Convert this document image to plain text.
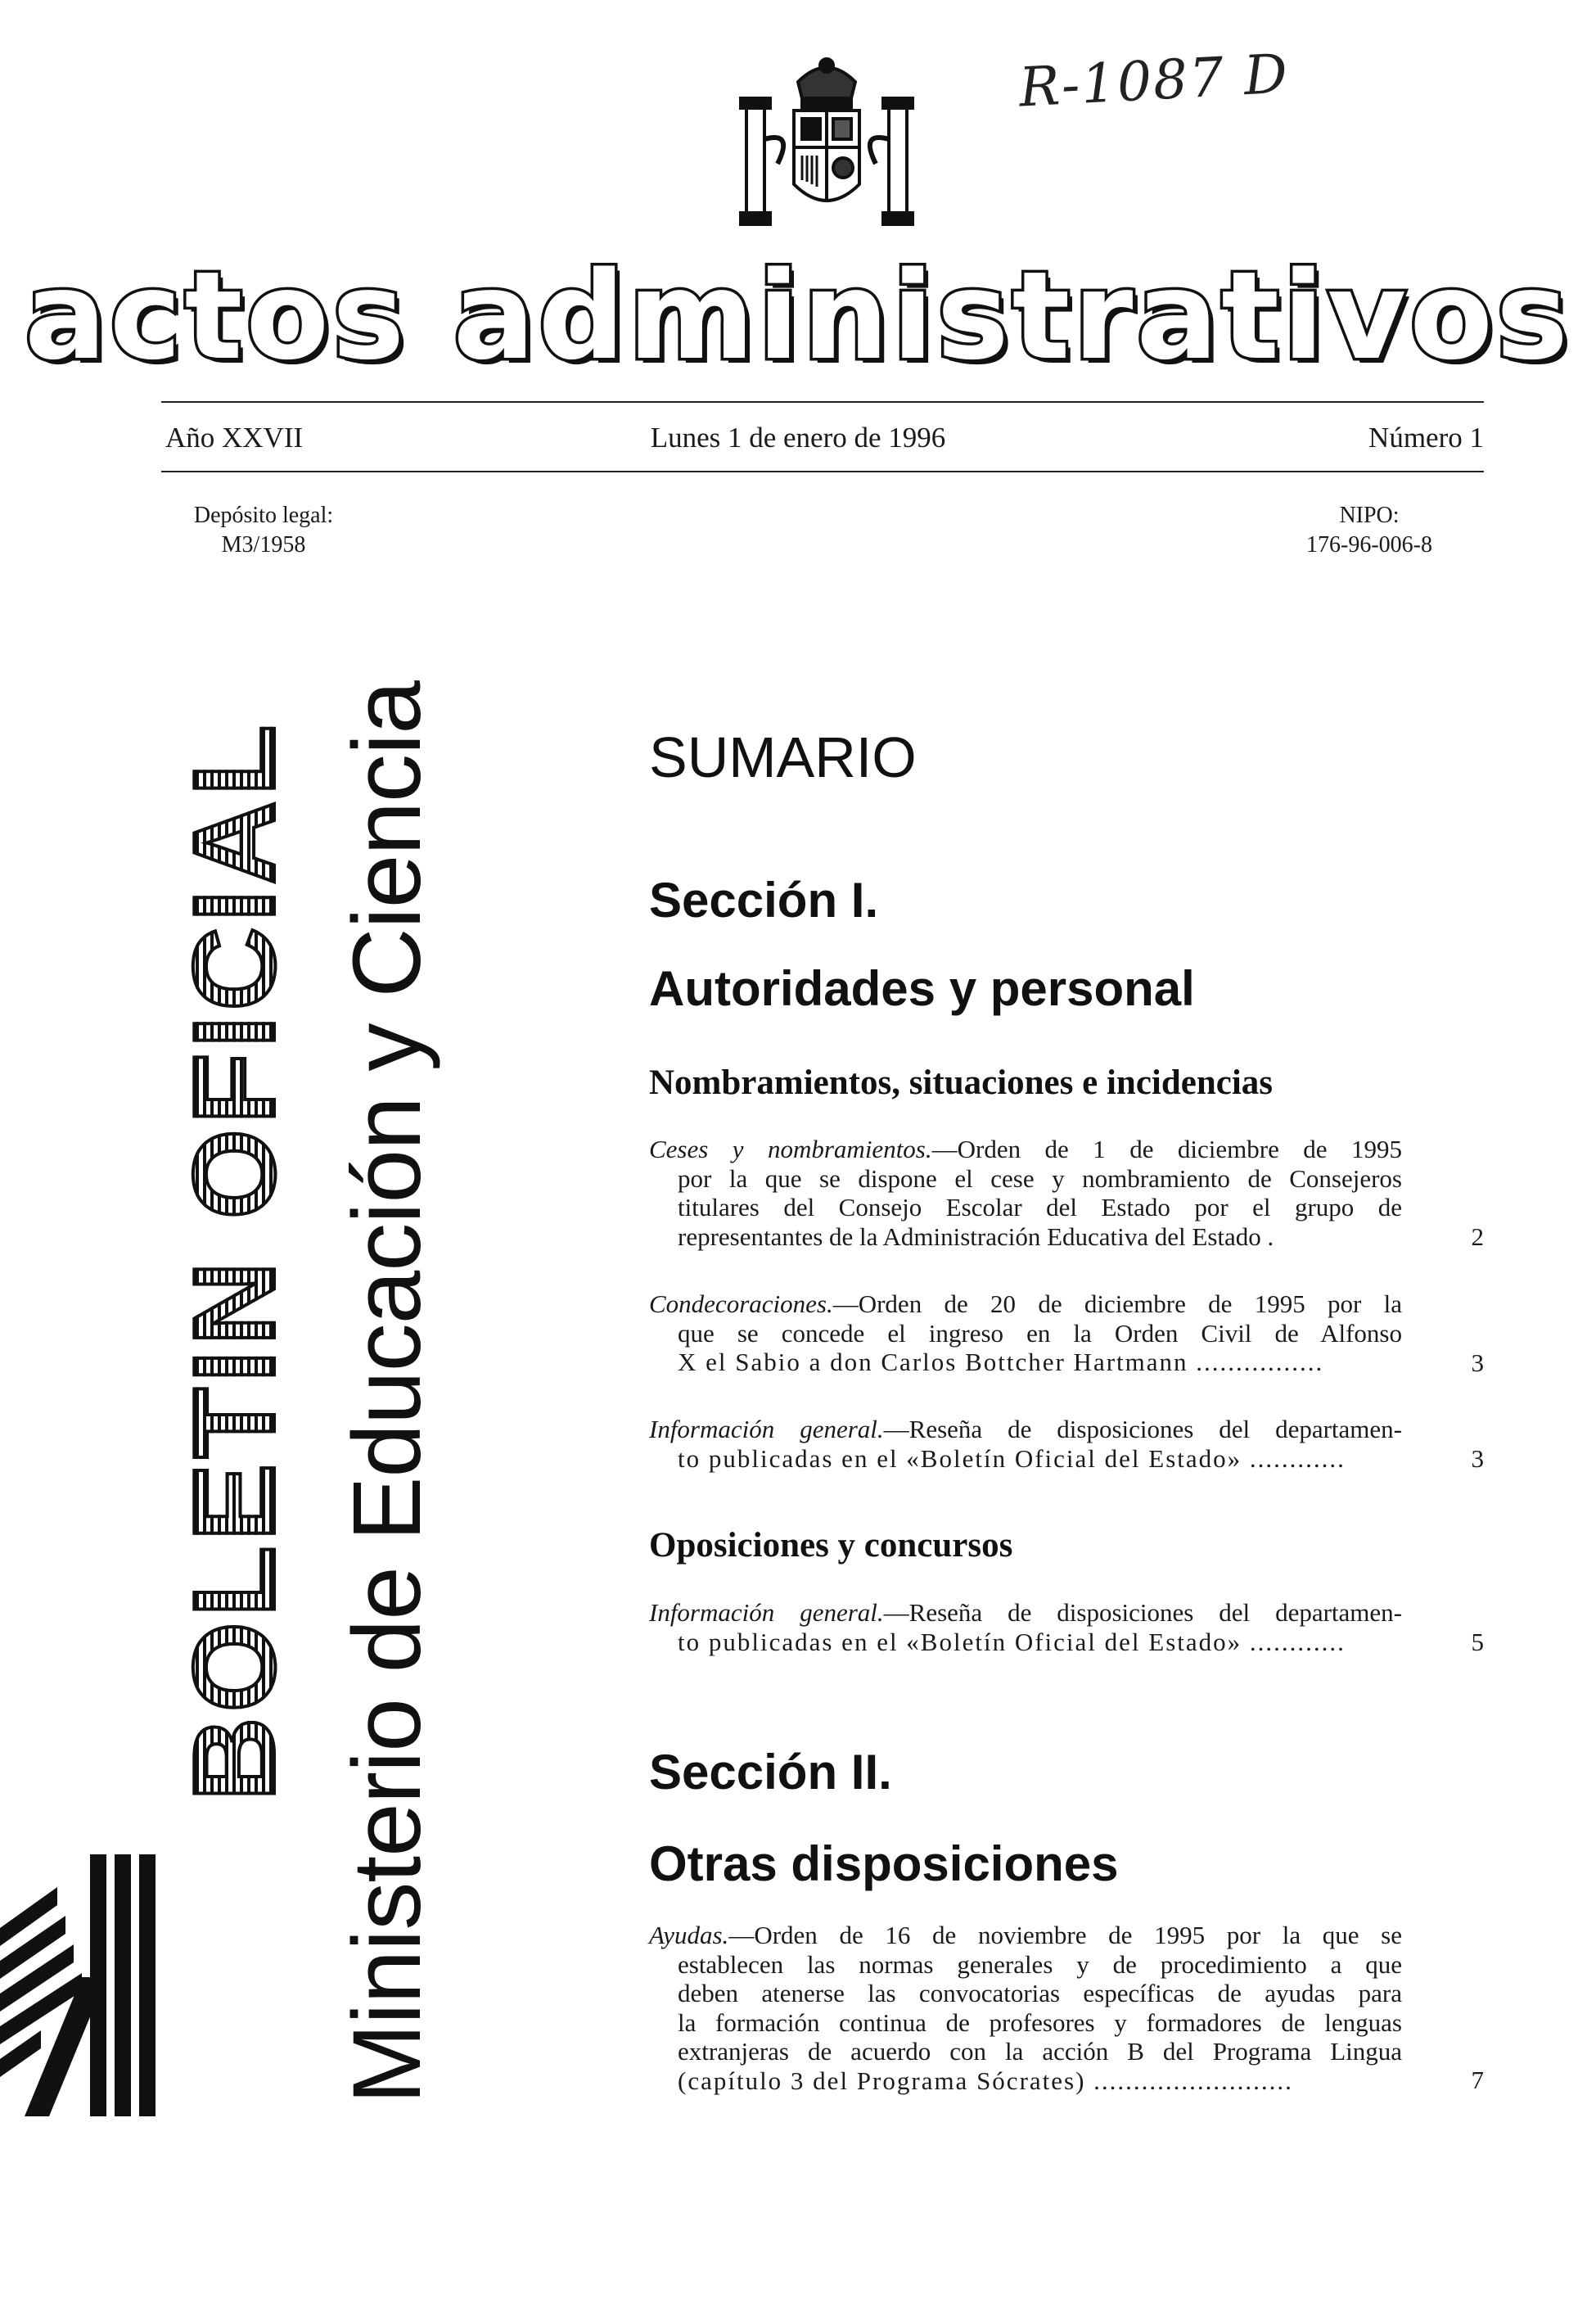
R-1087 D
actos administrativos
Año XXVII	Lunes 1 de enero de 1996	Número 1
Depósito legal:
M3/1958
NIPO:
176-96-006-8
BOLETIN OFICIAL Ministerio de Educación y Ciencia	SUMARIO
Sección I.
Autoridades y personal
Nombramientos, situaciones e incidencias
Ceses y nombramientos.—Orden de 1 de diciembre de 1995
por la que se dispone el cese y nombramiento de Consejeros
titulares del Consejo Escolar del Estado por el grupo de
representantes de la Administración Educativa del Estado .	2
Condecoraciones.—Orden de 20 de diciembre de 1995 por la
que se concede el ingreso en la Orden Civil de Alfonso
X el Sabio a don Carlos Bottcher Hartmann ................	3
Información general.—Reseña de disposiciones del departamen-
to publicadas en el «Boletín Oficial del Estado» ............	3
Oposiciones y concursos
Información general.—Reseña de disposiciones del departamen-
to publicadas en el «Boletín Oficial del Estado» ............	5
Sección II.
Otras disposiciones
Ayudas.—Orden de 16 de noviembre de 1995 por la que se
establecen las normas generales y de procedimiento a que
deben atenerse las convocatorias específicas de ayudas para
la formación continua de profesores y formadores de lenguas
extranjeras de acuerdo con la acción B del Programa Lingua
(capítulo 3 del Programa Sócrates) .........................	7
